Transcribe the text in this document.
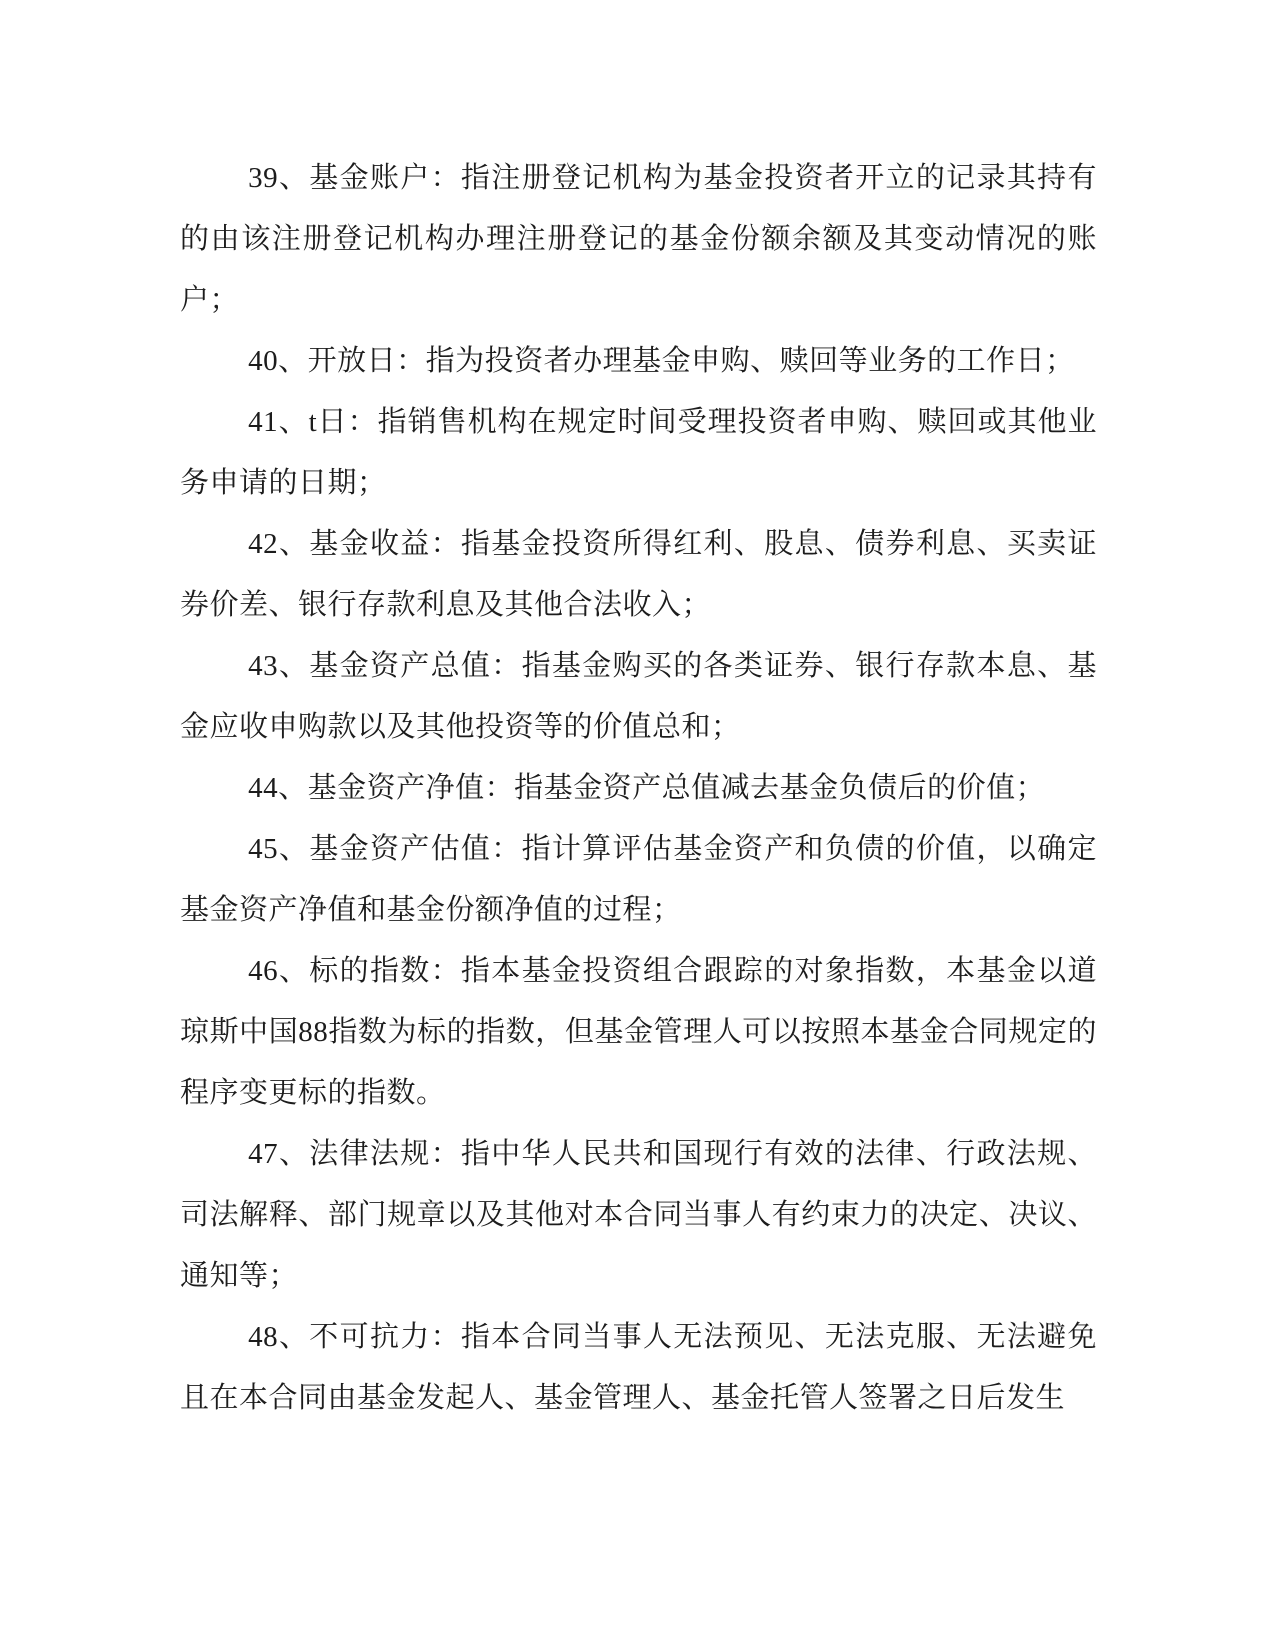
39、基金账户：指注册登记机构为基金投资者开立的记录其持有的由该注册登记机构办理注册登记的基金份额余额及其变动情况的账户；

40、开放日：指为投资者办理基金申购、赎回等业务的工作日；

41、t日：指销售机构在规定时间受理投资者申购、赎回或其他业务申请的日期；

42、基金收益：指基金投资所得红利、股息、债券利息、买卖证券价差、银行存款利息及其他合法收入；

43、基金资产总值：指基金购买的各类证券、银行存款本息、基金应收申购款以及其他投资等的价值总和；

44、基金资产净值：指基金资产总值减去基金负债后的价值；

45、基金资产估值：指计算评估基金资产和负债的价值，以确定基金资产净值和基金份额净值的过程；

46、标的指数：指本基金投资组合跟踪的对象指数，本基金以道琼斯中国88指数为标的指数，但基金管理人可以按照本基金合同规定的程序变更标的指数。

47、法律法规：指中华人民共和国现行有效的法律、行政法规、司法解释、部门规章以及其他对本合同当事人有约束力的决定、决议、通知等；

48、不可抗力：指本合同当事人无法预见、无法克服、无法避免且在本合同由基金发起人、基金管理人、基金托管人签署之日后发生
